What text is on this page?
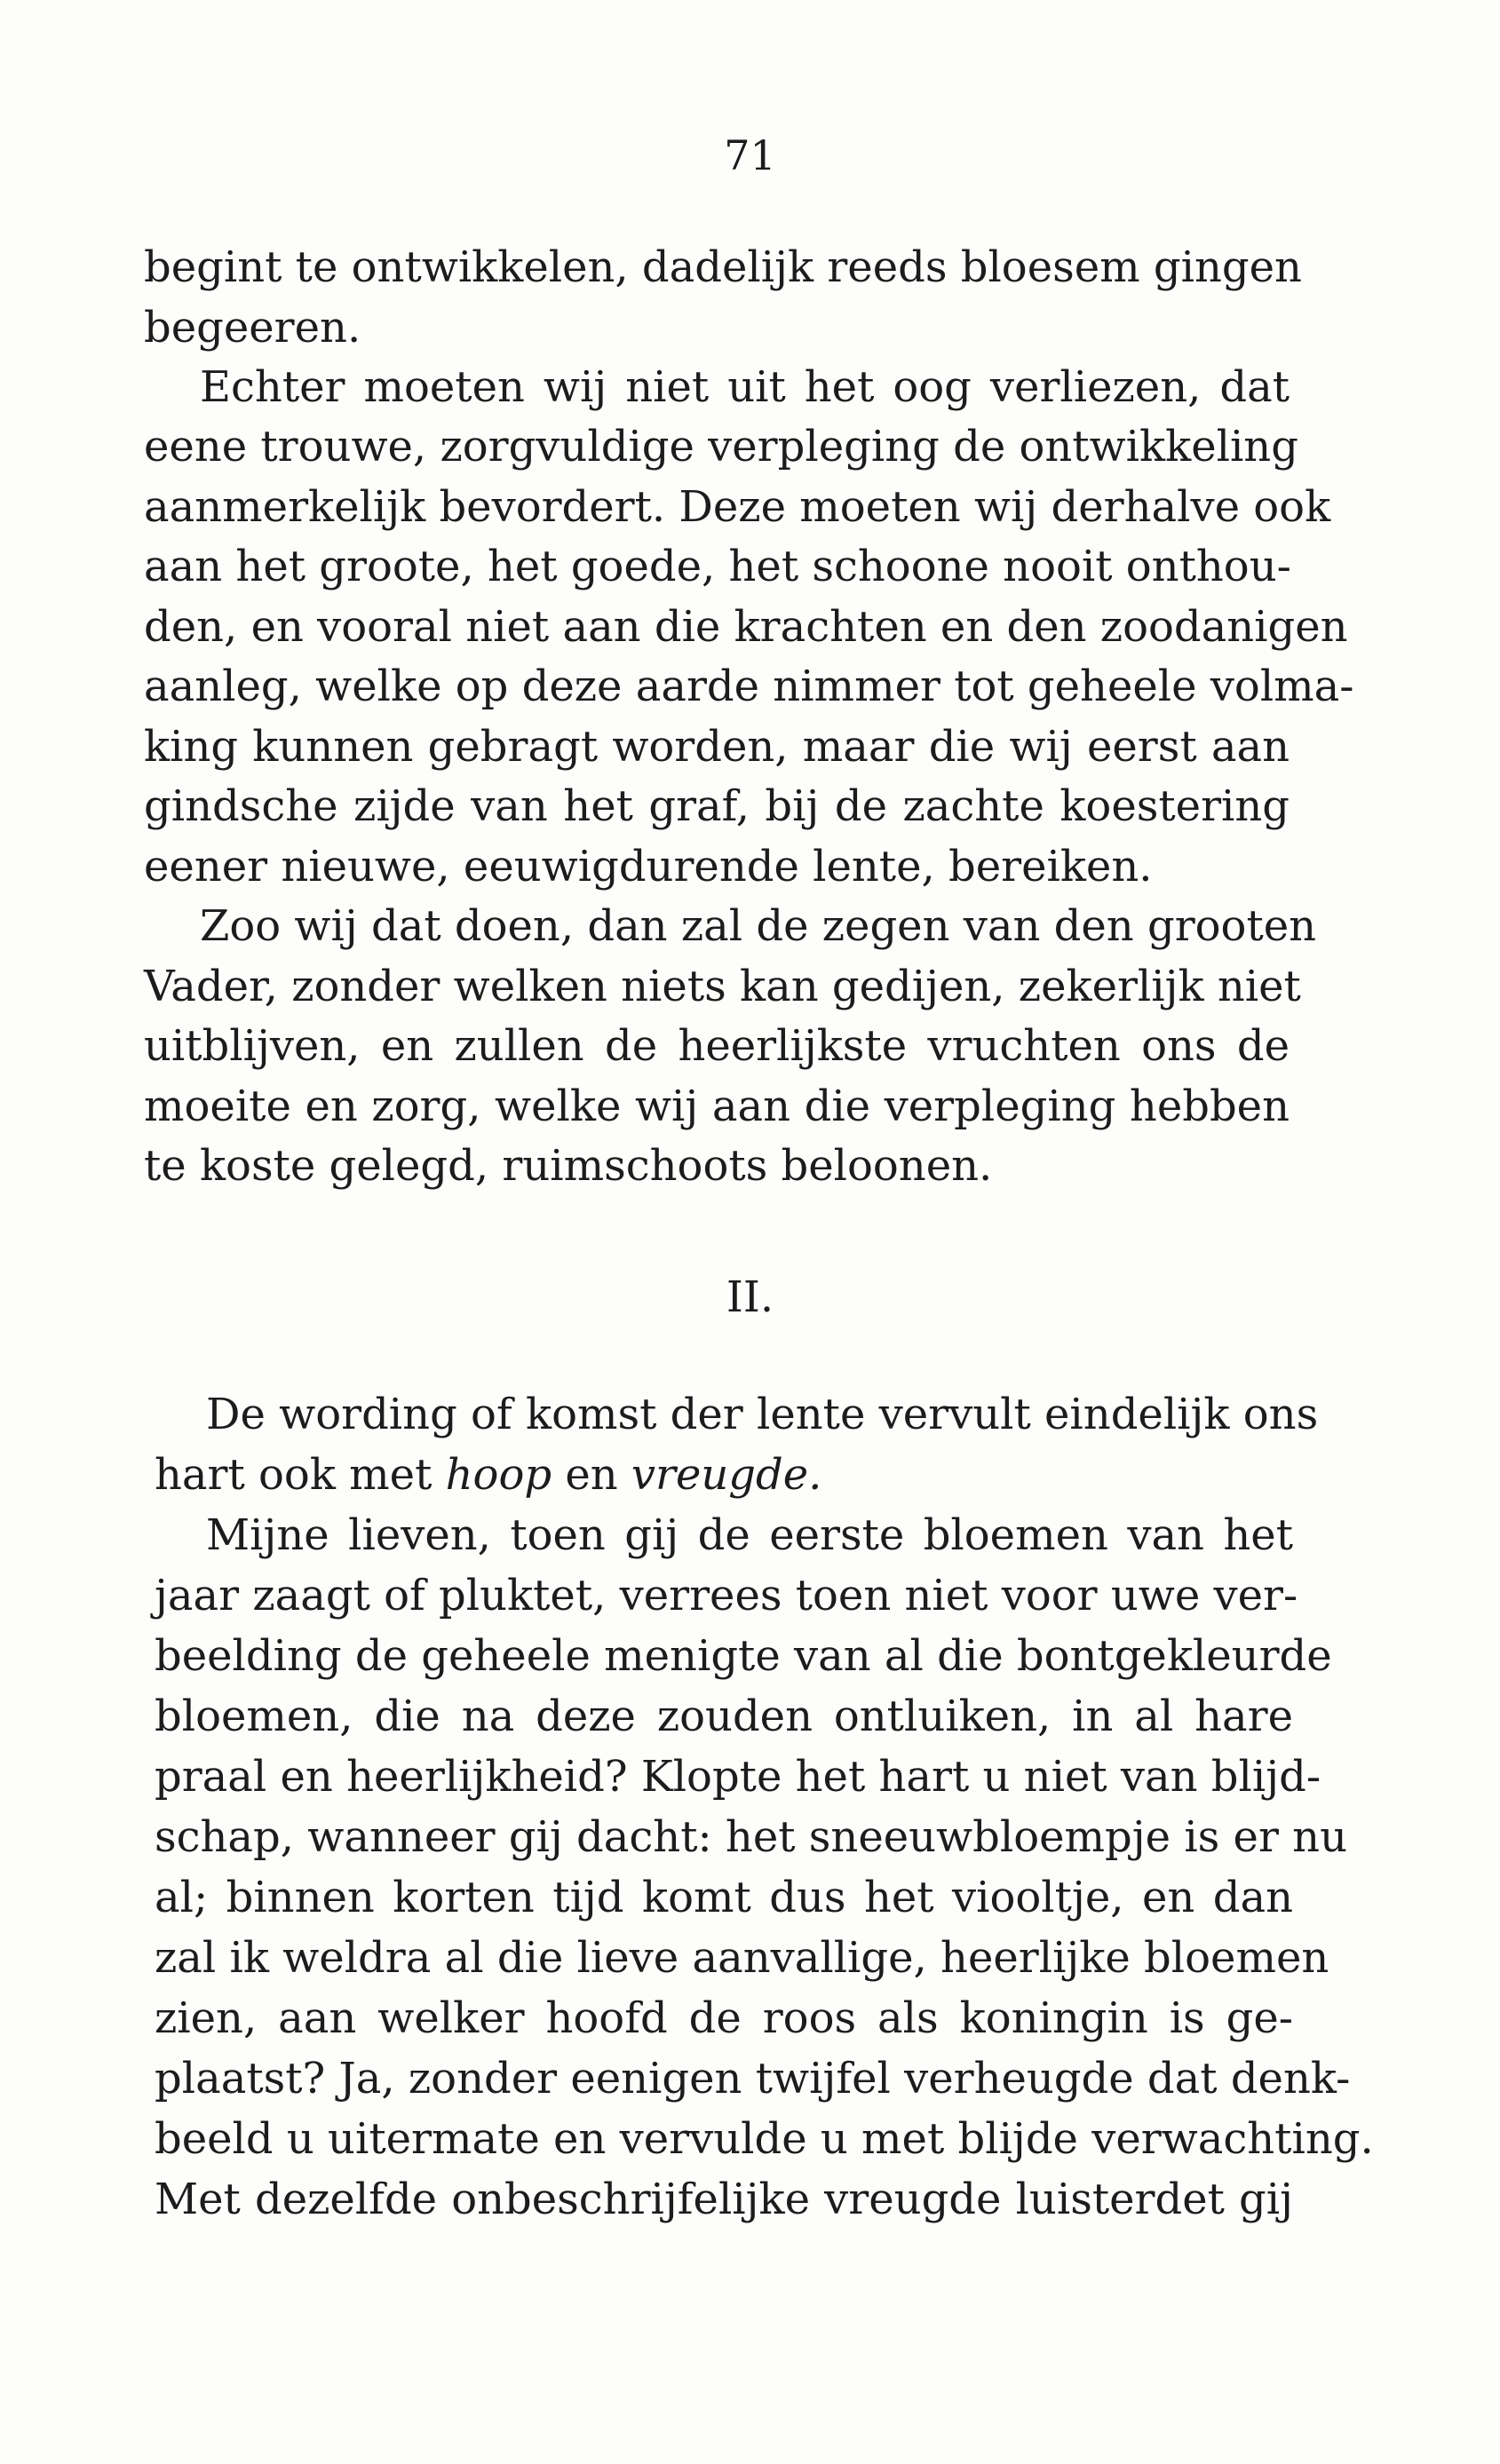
71
begint te ontwikkelen, dadelijk reeds bloesem gingen
begeeren.
Echter moeten wij niet uit het oog verliezen, dat
eene trouwe, zorgvuldige verpleging de ontwikkeling
aanmerkelijk bevordert. Deze moeten wij derhalve ook
aan het groote, het goede, het schoone nooit onthou-
den, en vooral niet aan die krachten en den zoodanigen
aanleg, welke op deze aarde nimmer tot geheele volma-
king kunnen gebragt worden, maar die wij eerst aan
gindsche zijde van het graf, bij de zachte koestering
eener nieuwe, eeuwigdurende lente, bereiken.
Zoo wij dat doen, dan zal de zegen van den grooten
Vader, zonder welken niets kan gedijen, zekerlijk niet
uitblijven, en zullen de heerlijkste vruchten ons de
moeite en zorg, welke wij aan die verpleging hebben
te koste gelegd, ruimschoots beloonen.
II.
De wording of komst der lente vervult eindelijk ons
hart ook met hoop en vreugde.
Mijne lieven, toen gij de eerste bloemen van het
jaar zaagt of pluktet, verrees toen niet voor uwe ver-
beelding de geheele menigte van al die bontgekleurde
bloemen, die na deze zouden ontluiken, in al hare
praal en heerlijkheid? Klopte het hart u niet van blijd-
schap, wanneer gij dacht: het sneeuwbloempje is er nu
al; binnen korten tijd komt dus het viooltje, en dan
zal ik weldra al die lieve aanvallige, heerlijke bloemen
zien, aan welker hoofd de roos als koningin is ge-
plaatst? Ja, zonder eenigen twijfel verheugde dat denk-
beeld u uitermate en vervulde u met blijde verwachting.
Met dezelfde onbeschrijfelijke vreugde luisterdet gij
